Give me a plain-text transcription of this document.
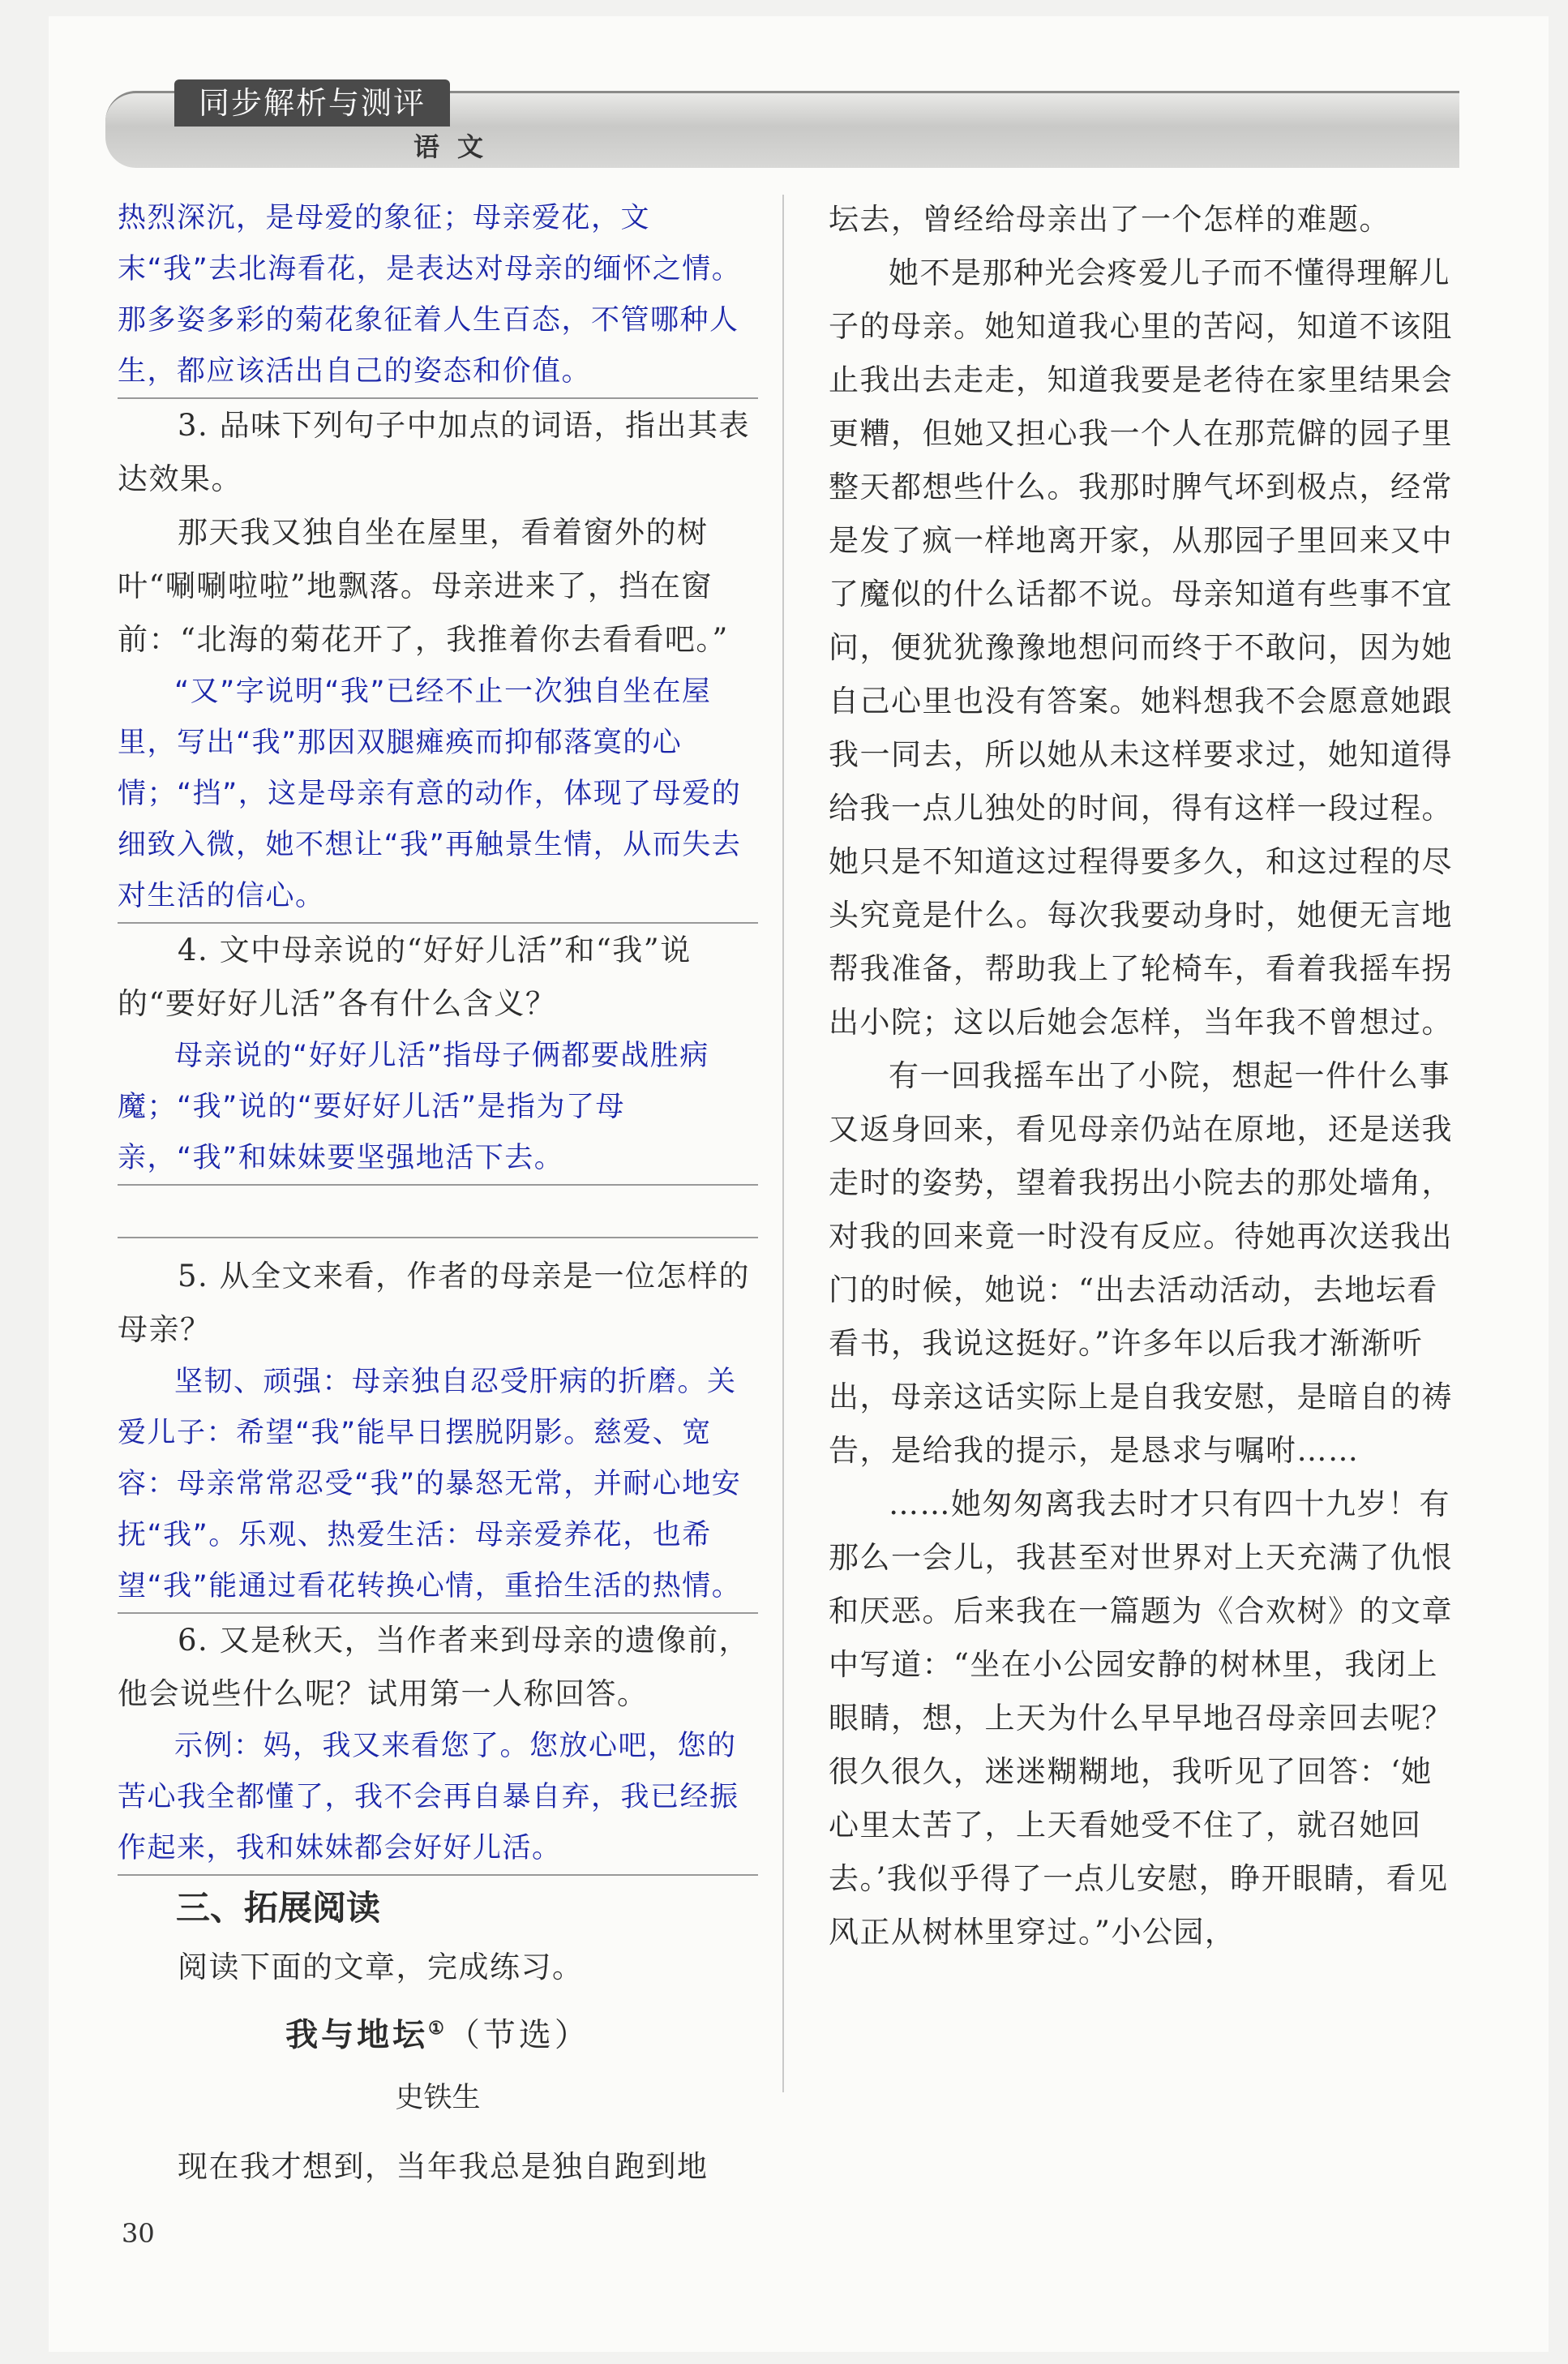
同步解析与测评
语文

热烈深沉，是母爱的象征；母亲爱花，文末“我”去北海看花，是表达对母亲的缅怀之情。那多姿多彩的菊花象征着人生百态，不管哪种人生，都应该活出自己的姿态和价值。

3. 品味下列句子中加点的词语，指出其表达效果。

那天我又独自坐在屋里，看着窗外的树叶“唰唰啦啦”地飘落。母亲进来了，挡在窗前：“北海的菊花开了，我推着你去看看吧。”

“又”字说明“我”已经不止一次独自坐在屋里，写出“我”那因双腿瘫痪而抑郁落寞的心情；“挡”，这是母亲有意的动作，体现了母爱的细致入微，她不想让“我”再触景生情，从而失去对生活的信心。

4. 文中母亲说的“好好儿活”和“我”说的“要好好儿活”各有什么含义？

母亲说的“好好儿活”指母子俩都要战胜病魔；“我”说的“要好好儿活”是指为了母亲，“我”和妹妹要坚强地活下去。

5. 从全文来看，作者的母亲是一位怎样的母亲？

坚韧、顽强：母亲独自忍受肝病的折磨。关爱儿子：希望“我”能早日摆脱阴影。慈爱、宽容：母亲常常忍受“我”的暴怒无常，并耐心地安抚“我”。乐观、热爱生活：母亲爱养花，也希望“我”能通过看花转换心情，重拾生活的热情。

6. 又是秋天，当作者来到母亲的遗像前，他会说些什么呢？试用第一人称回答。

示例：妈，我又来看您了。您放心吧，您的苦心我全都懂了，我不会再自暴自弃，我已经振作起来，我和妹妹都会好好儿活。

三、拓展阅读

阅读下面的文章，完成练习。

我与地坛①（节选）

史铁生

现在我才想到，当年我总是独自跑到地

坛去，曾经给母亲出了一个怎样的难题。

她不是那种光会疼爱儿子而不懂得理解儿子的母亲。她知道我心里的苦闷，知道不该阻止我出去走走，知道我要是老待在家里结果会更糟，但她又担心我一个人在那荒僻的园子里整天都想些什么。我那时脾气坏到极点，经常是发了疯一样地离开家，从那园子里回来又中了魔似的什么话都不说。母亲知道有些事不宜问，便犹犹豫豫地想问而终于不敢问，因为她自己心里也没有答案。她料想我不会愿意她跟我一同去，所以她从未这样要求过，她知道得给我一点儿独处的时间，得有这样一段过程。她只是不知道这过程得要多久，和这过程的尽头究竟是什么。每次我要动身时，她便无言地帮我准备，帮助我上了轮椅车，看着我摇车拐出小院；这以后她会怎样，当年我不曾想过。

有一回我摇车出了小院，想起一件什么事又返身回来，看见母亲仍站在原地，还是送我走时的姿势，望着我拐出小院去的那处墙角，对我的回来竟一时没有反应。待她再次送我出门的时候，她说：“出去活动活动，去地坛看看书，我说这挺好。”许多年以后我才渐渐听出，母亲这话实际上是自我安慰，是暗自的祷告，是给我的提示，是恳求与嘱咐……

……她匆匆离我去时才只有四十九岁！有那么一会儿，我甚至对世界对上天充满了仇恨和厌恶。后来我在一篇题为《合欢树》的文章中写道：“坐在小公园安静的树林里，我闭上眼睛，想，上天为什么早早地召母亲回去呢？很久很久，迷迷糊糊地，我听见了回答：‘她心里太苦了，上天看她受不住了，就召她回去。’我似乎得了一点儿安慰，睁开眼睛，看见风正从树林里穿过。”小公园，

30
